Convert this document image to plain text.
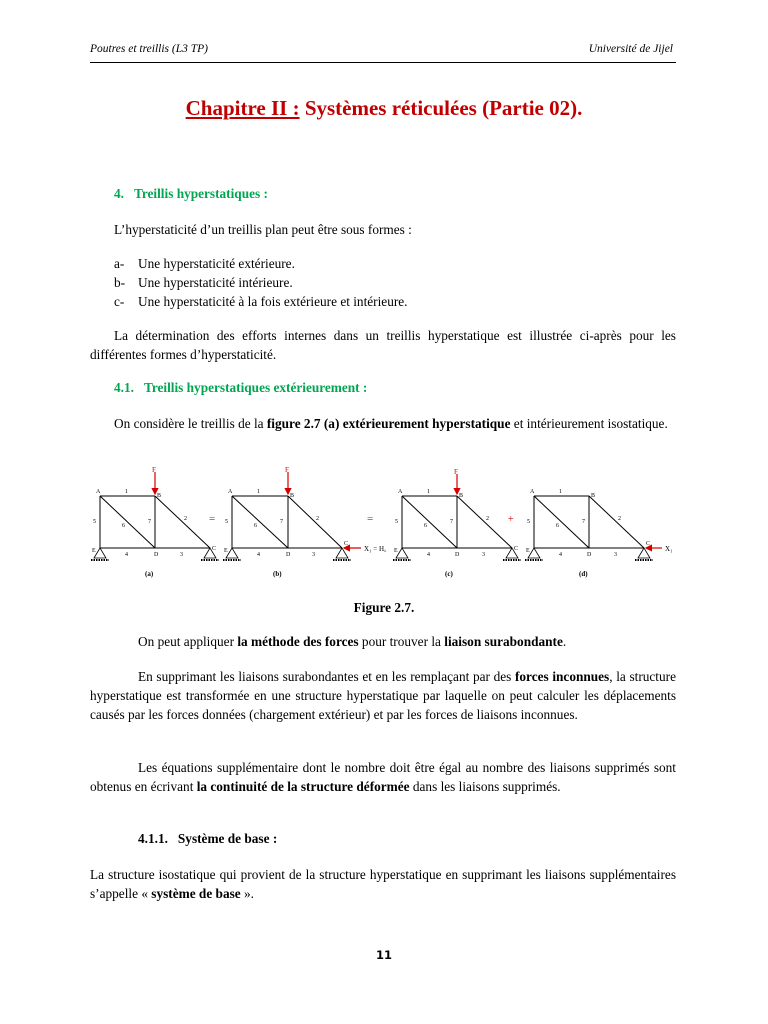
Poutres et treillis (L3 TP)	Université de Jijel
Chapitre II : Systèmes réticulées (Partie 02).
4. Treillis hyperstatiques :
L’hyperstaticité d’un treillis plan peut être sous formes :
a-	Une hyperstaticité extérieure.
b- Une hyperstaticité intérieure.
c-	Une hyperstaticité à la fois extérieure et intérieure.
La détermination des efforts internes dans un treillis hyperstatique est illustrée ci-après pour les différentes formes d’hyperstaticité.
4.1. Treillis hyperstatiques extérieurement :
On considère le treillis de la figure 2.7 (a) extérieurement hyperstatique et intérieurement isostatique.
A
B
E
D
C
1
2
3
4
5
6
7
F
(a)
=
A
B
E
D
C
1
2
3
4
5
6
7
F
X₁ = H꜀
(b)
=
A
B
E
D
C
1
2
3
4
5
6
7
F
(c)
+
A
B
E
D
C
1
2
3
4
5
6
7
X₁
(d)
Figure 2.7.
On peut appliquer la méthode des forces pour trouver la liaison surabondante.
En supprimant les liaisons surabondantes et en les remplaçant par des forces inconnues, la structure hyperstatique est transformée en une structure hyperstatique par laquelle on peut calculer les déplacements causés par les forces données (chargement extérieur) et par les forces de liaisons inconnues.
Les équations supplémentaire dont le nombre doit être égal au nombre des liaisons supprimés sont obtenus en écrivant la continuité de la structure déformée dans les liaisons supprimés.
4.1.1. Système de base :
La structure isostatique qui provient de la structure hyperstatique en supprimant les liaisons supplémentaires s’appelle « système de base ».
11
